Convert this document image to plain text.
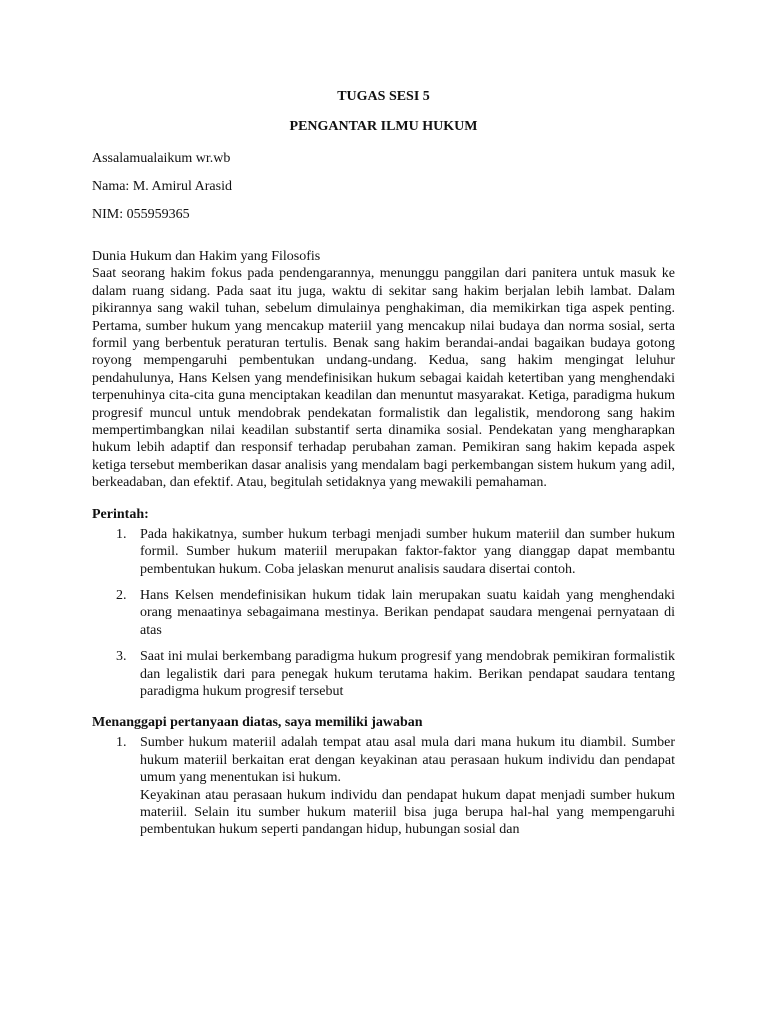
TUGAS SESI 5

PENGANTAR ILMU HUKUM

Assalamualaikum wr.wb

Nama: M. Amirul Arasid

NIM: 055959365

Dunia Hukum dan Hakim yang Filosofis

Saat seorang hakim fokus pada pendengarannya, menunggu panggilan dari panitera untuk masuk ke dalam ruang sidang. Pada saat itu juga, waktu di sekitar sang hakim berjalan lebih lambat. Dalam pikirannya sang wakil tuhan, sebelum dimulainya penghakiman, dia memikirkan tiga aspek penting. Pertama, sumber hukum yang mencakup materiil yang mencakup nilai budaya dan norma sosial, serta formil yang berbentuk peraturan tertulis. Benak sang hakim berandai-andai bagaikan budaya gotong royong mempengaruhi pembentukan undang-undang. Kedua, sang hakim mengingat leluhur pendahulunya, Hans Kelsen yang mendefinisikan hukum sebagai kaidah ketertiban yang menghendaki terpenuhinya cita-cita guna menciptakan keadilan dan menuntut masyarakat. Ketiga, paradigma hukum progresif muncul untuk mendobrak pendekatan formalistik dan legalistik, mendorong sang hakim mempertimbangkan nilai keadilan substantif serta dinamika sosial. Pendekatan yang mengharapkan hukum lebih adaptif dan responsif terhadap perubahan zaman. Pemikiran sang hakim kepada aspek ketiga tersebut memberikan dasar analisis yang mendalam bagi perkembangan sistem hukum yang adil, berkeadaban, dan efektif. Atau, begitulah setidaknya yang mewakili pemahaman.

Perintah:

1. Pada hakikatnya, sumber hukum terbagi menjadi sumber hukum materiil dan sumber hukum formil. Sumber hukum materiil merupakan faktor-faktor yang dianggap dapat membantu pembentukan hukum. Coba jelaskan menurut analisis saudara disertai contoh.
2. Hans Kelsen mendefinisikan hukum tidak lain merupakan suatu kaidah yang menghendaki orang menaatinya sebagaimana mestinya. Berikan pendapat saudara mengenai pernyataan di atas
3. Saat ini mulai berkembang paradigma hukum progresif yang mendobrak pemikiran formalistik dan legalistik dari para penegak hukum terutama hakim. Berikan pendapat saudara tentang paradigma hukum progresif tersebut

Menanggapi pertanyaan diatas, saya memiliki jawaban

1. Sumber hukum materiil adalah tempat atau asal mula dari mana hukum itu diambil. Sumber hukum materiil berkaitan erat dengan keyakinan atau perasaan hukum individu dan pendapat umum yang menentukan isi hukum.

Keyakinan atau perasaan hukum individu dan pendapat hukum dapat menjadi sumber hukum materiil. Selain itu sumber hukum materiil bisa juga berupa hal-hal yang mempengaruhi pembentukan hukum seperti pandangan hidup, hubungan sosial dan
